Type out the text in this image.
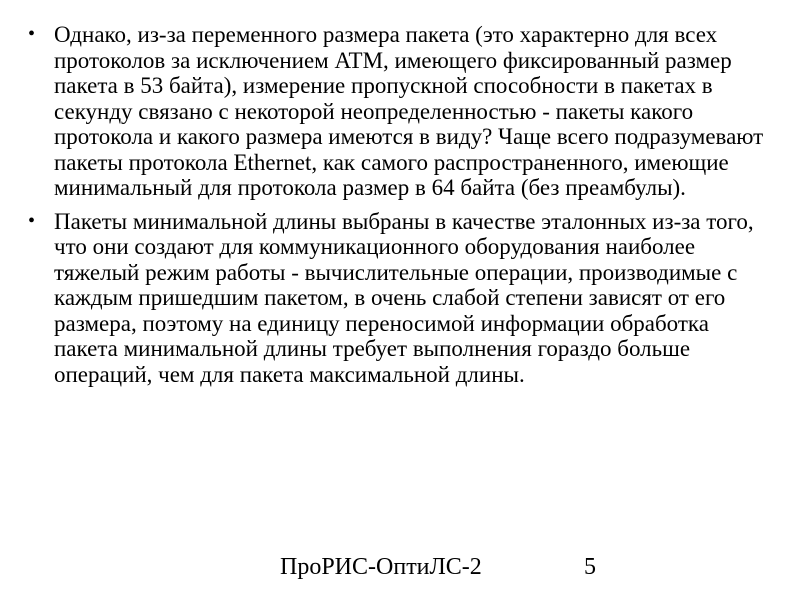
• Однако, из-за переменного размера пакета (это характерно для всех протоколов за исключением ATM, имеющего фиксированный размер пакета в 53 байта), измерение пропускной способности в пакетах в секунду связано с некоторой неопределенностью - пакеты какого протокола и какого размера имеются в виду? Чаще всего подразумевают пакеты протокола Ethernet, как самого распространенного, имеющие минимальный для протокола размер в 64 байта (без преамбулы).
• Пакеты минимальной длины выбраны в качестве эталонных из-за того, что они создают для коммуникационного оборудования наиболее тяжелый режим работы - вычислительные операции, производимые с каждым пришедшим пакетом, в очень слабой степени зависят от его размера, поэтому на единицу переносимой информации обработка пакета минимальной длины требует выполнения гораздо больше операций, чем для пакета максимальной длины.
ПроРИС-ОптиЛС-2	5
